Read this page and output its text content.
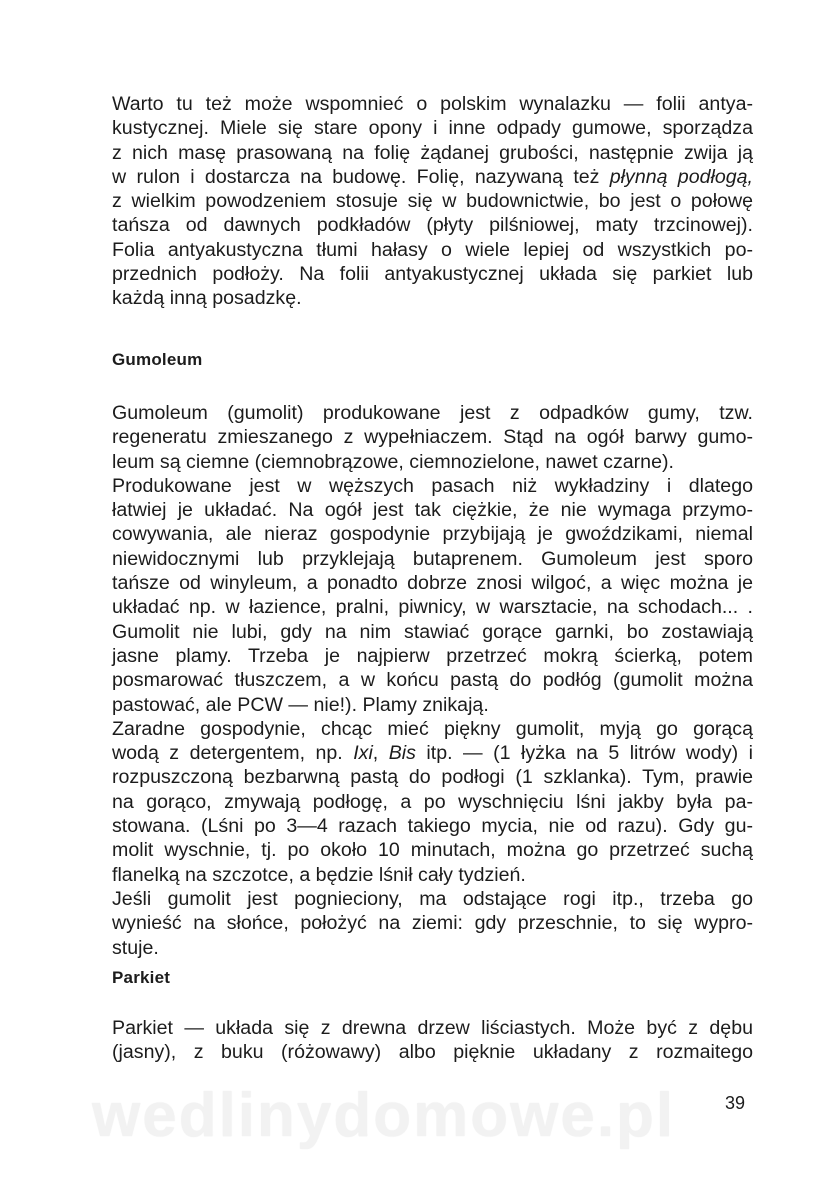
Warto tu też może wspomnieć o polskim wynalazku — folii antya-
kustycznej. Miele się stare opony i inne odpady gumowe, sporządza
z nich masę prasowaną na folię żądanej grubości, następnie zwija ją
w rulon i dostarcza na budowę. Folię, nazywaną też płynną podłogą,
z wielkim powodzeniem stosuje się w budownictwie, bo jest o połowę
tańsza od dawnych podkładów (płyty pilśniowej, maty trzcinowej).
Folia antyakustyczna tłumi hałasy o wiele lepiej od wszystkich po-
przednich podłoży. Na folii antyakustycznej układa się parkiet lub
każdą inną posadzkę.
Gumoleum
Gumoleum (gumolit) produkowane jest z odpadków gumy, tzw.
regeneratu zmieszanego z wypełniaczem. Stąd na ogół barwy gumo-
leum są ciemne (ciemnobrązowe, ciemnozielone, nawet czarne).
Produkowane jest w węższych pasach niż wykładziny i dlatego
łatwiej je układać. Na ogół jest tak ciężkie, że nie wymaga przymo-
cowywania, ale nieraz gospodynie przybijają je gwoździkami, niemal
niewidocznymi lub przyklejają butaprenem. Gumoleum jest sporo
tańsze od winyleum, a ponadto dobrze znosi wilgoć, a więc można je
układać np. w łazience, pralni, piwnicy, w warsztacie, na schodach... .
Gumolit nie lubi, gdy na nim stawiać gorące garnki, bo zostawiają
jasne plamy. Trzeba je najpierw przetrzeć mokrą ścierką, potem
posmarować tłuszczem, a w końcu pastą do podłóg (gumolit można
pastować, ale PCW — nie!). Plamy znikają.
Zaradne gospodynie, chcąc mieć piękny gumolit, myją go gorącą
wodą z detergentem, np. Ixi, Bis itp. — (1 łyżka na 5 litrów wody) i
rozpuszczoną bezbarwną pastą do podłogi (1 szklanka). Tym, prawie
na gorąco, zmywają podłogę, a po wyschnięciu lśni jakby była pa-
stowana. (Lśni po 3—4 razach takiego mycia, nie od razu). Gdy gu-
molit wyschnie, tj. po około 10 minutach, można go przetrzeć suchą
flanelką na szczotce, a będzie lśnił cały tydzień.
Jeśli gumolit jest pognieciony, ma odstające rogi itp., trzeba go
wynieść na słońce, położyć na ziemi: gdy przeschnie, to się wypro-
stuje.
Parkiet
Parkiet — układa się z drewna drzew liściastych. Może być z dębu
(jasny), z buku (różowawy) albo pięknie układany z rozmaitego

wedlinydomowe.pl	39
